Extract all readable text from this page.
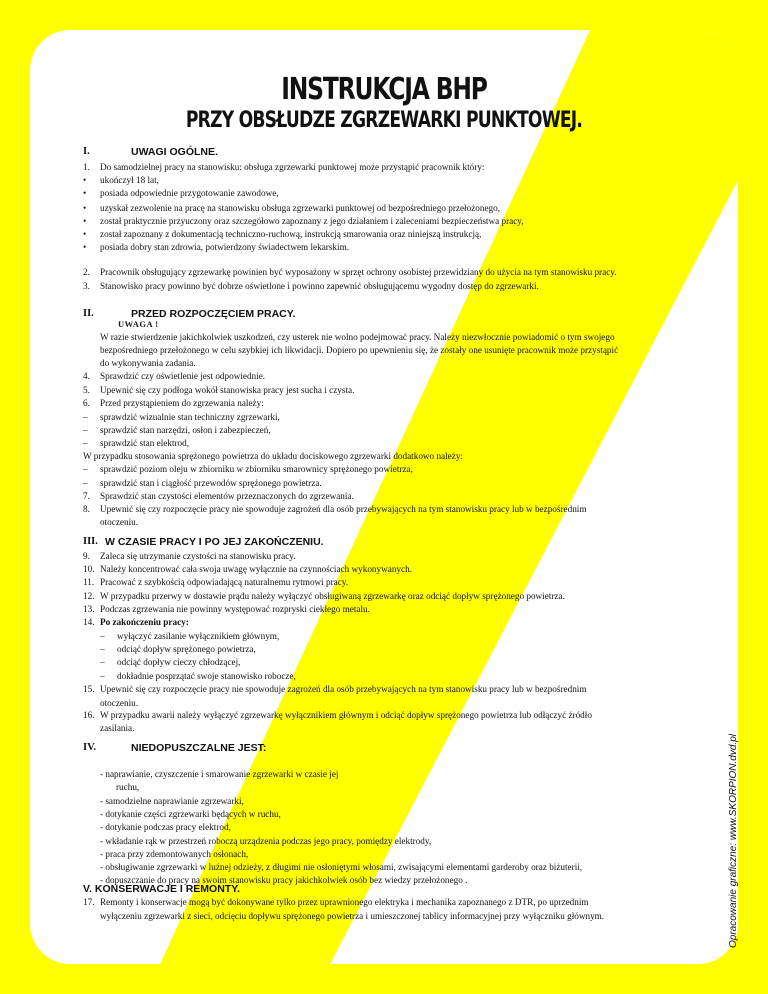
INSTRUKCJA BHP
PRZY OBSŁUDZE ZGRZEWARKI PUNKTOWEJ.
I.	UWAGI OGÓLNE.
II.	PRZED ROZPOCZĘCIEM PRACY.
III. W CZASIE PRACY I PO JEJ ZAKOŃCZENIU.
IV.	NIEDOPUSZCZALNE JEST:
V. KONSERWACJE I REMONTY.
1. Do samodzielnej pracy na stanowisku: obsługa zgrzewarki punktowej może przystąpić pracownik który:
• ukończył 18 lat,
• posiada odpowiednie przygotowanie zawodowe,
• uzyskał zezwolenie na pracę na stanowisku obsługa zgrzewarki punktowej od bezpośredniego przełożonego,
• został praktycznie przyuczony oraz szczegółowo zapoznany z jego działaniem i zaleceniami bezpieczeństwa pracy,
• został zapoznany z dokumentacją techniczno-ruchową, instrukcją smarowania oraz niniejszą instrukcją,
• posiada dobry stan zdrowia, potwierdzony świadectwem lekarskim.
2. Pracownik obsługujący zgrzewarkę powinien być wyposażony w sprzęt ochrony osobistej przewidziany do użycia na tym stanowisku pracy.
3. Stanowisko pracy powinno być dobrze oświetlone i powinno zapewnić obsługującemu wygodny dostęp do zgrzewarki.
UWAGA !
W razie stwierdzenie jakichkolwiek uszkodzeń, czy usterek nie wolno podejmować pracy. Należy niezwłocznie powiadomić o tym swojego
bezpośredniego przełożonego w celu szybkiej ich likwidacji. Dopiero po upewnieniu się, że zostały one usunięte pracownik może przystąpić
do wykonywania zadania.
4. Sprawdzić czy oświetlenie jest odpowiednie.
5. Upewnić się czy podłoga wokół stanowiska pracy jest sucha i czysta.
6. Przed przystąpieniem do zgrzewania należy:
– sprawdzić wizualnie stan techniczny zgrzewarki,
– sprawdzić stan narzędzi, osłon i zabezpieczeń,
– sprawdzić stan elektrod,
W przypadku stosowania sprężonego powietrza do układu dociskowego zgrzewarki dodatkowo należy:
– sprawdzić poziom oleju w zbiorniku w zbiorniku smarownicy sprężonego powietrza,
– sprawdzić stan i ciągłość przewodów sprężonego powietrza.
7. Sprawdzić stan czystości elementów przeznaczonych do zgrzewania.
8. Upewnić się czy rozpoczęcie pracy nie spowoduje zagrożeń dla osób przebywających na tym stanowisku pracy lub w bezpośrednim
otoczeniu.
9. Zaleca się utrzymanie czystości na stanowisku pracy.
10. Należy koncentrować cała swoja uwagę wyłącznie na czynnościach wykonywanych.
11. Pracować z szybkością odpowiadającą naturalnemu rytmowi pracy.
12. W przypadku przerwy w dostawie prądu należy wyłączyć obsługiwaną zgrzewarkę oraz odciąć dopływ sprężonego powietrza.
13. Podczas zgrzewania nie powinny występować rozpryski ciekłego metalu.
14. Po zakończeniu pracy:
– wyłączyć zasilanie wyłącznikiem głównym,
– odciąć dopływ sprężonego powietrza,
– odciąć dopływ cieczy chłodzącej,
– dokładnie posprzątać swoje stanowisko robocze,
15. Upewnić się czy rozpoczęcie pracy nie spowoduje zagrożeń dla osób przebywających na tym stanowisku pracy lub w bezpośrednim
otoczeniu.
16. W przypadku awarii należy wyłączyć zgrzewarkę wyłącznikiem głównym i odciąć dopływ sprężonego powietrza lub odłączyć źródło
zasilania.
- naprawianie, czyszczenie i smarowanie zgrzewarki w czasie jej
ruchu,
- samodzielne naprawianie zgrzewarki,
- dotykanie części zgrzewarki będących w ruchu,
- dotykanie podczas pracy elektrod,
- wkładanie rąk w przestrzeń roboczą urządzenia podczas jego pracy, pomiędzy elektrody,
- praca przy zdemontowanych osłonach,
- obsługiwanie zgrzewarki w luźnej odzieży, z długimi nie osłoniętymi włosami, zwisającymi elementami garderoby oraz biżuterii,
- dopuszczanie do pracy na swoim stanowisku pracy jakichkolwiek osób bez wiedzy przełożonego .
17. Remonty i konserwacje mogą być dokonywane tylko przez uprawnionego elektryka i mechanika zapoznanego z DTR, po uprzednim
wyłączeniu zgrzewarki z sieci, odcięciu dopływu sprężonego powietrza i umieszczonej tablicy informacyjnej przy wyłączniku głównym.	Opracowanie graficzne: www.SKORPION.dvd.pl
